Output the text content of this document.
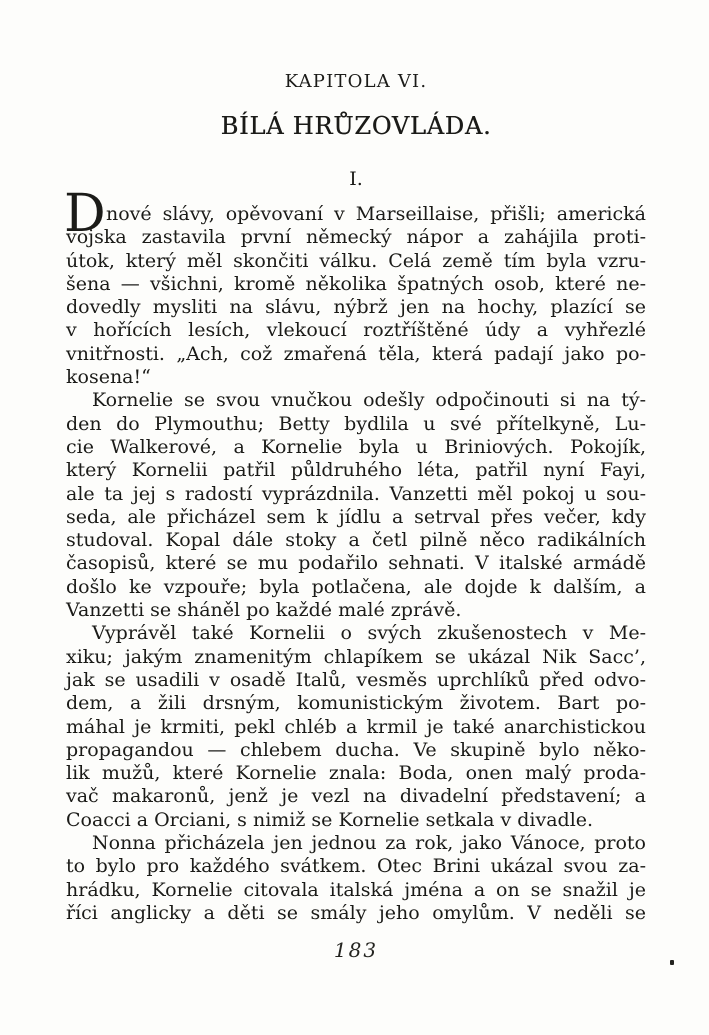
KAPITOLA VI.
BÍLÁ HRŮZOVLÁDA.
I.
D nové slávy, opěvovaní v Marseillaise, přišli; americká
vojska zastavila první německý nápor a zahájila proti-
útok, který měl skončiti válku. Celá země tím byla vzru-
šena — všichni, kromě několika špatných osob, které ne-
dovedly mysliti na slávu, nýbrž jen na hochy, plazící se
v hořících lesích, vlekoucí roztříštěné údy a vyhřezlé
vnitřnosti. „Ach, což zmařená těla, která padají jako po-
kosena!“
Kornelie se svou vnučkou odešly odpočinouti si na tý-
den do Plymouthu; Betty bydlila u své přítelkyně, Lu-
cie Walkerové, a Kornelie byla u Briniových. Pokojík,
který Kornelii patřil půldruhého léta, patřil nyní Fayi,
ale ta jej s radostí vyprázdnila. Vanzetti měl pokoj u sou-
seda, ale přicházel sem k jídlu a setrval přes večer, kdy
studoval. Kopal dále stoky a četl pilně něco radikálních
časopisů, které se mu podařilo sehnati. V italské armádě
došlo ke vzpouře; byla potlačena, ale dojde k dalším, a
Vanzetti se sháněl po každé malé zprávě.
Vyprávěl také Kornelii o svých zkušenostech v Me-
xiku; jakým znamenitým chlapíkem se ukázal Nik Sacc’,
jak se usadili v osadě Italů, vesměs uprchlíků před odvo-
dem, a žili drsným, komunistickým životem. Bart po-
máhal je krmiti, pekl chléb a krmil je také anarchistickou
propagandou — chlebem ducha. Ve skupině bylo něko-
lik mužů, které Kornelie znala: Boda, onen malý proda-
vač makaronů, jenž je vezl na divadelní představení; a
Coacci a Orciani, s nimiž se Kornelie setkala v divadle.
Nonna přicházela jen jednou za rok, jako Vánoce, proto
to bylo pro každého svátkem. Otec Brini ukázal svou za-
hrádku, Kornelie citovala italská jména a on se snažil je
říci anglicky a děti se smály jeho omylům. V neděli se
183
